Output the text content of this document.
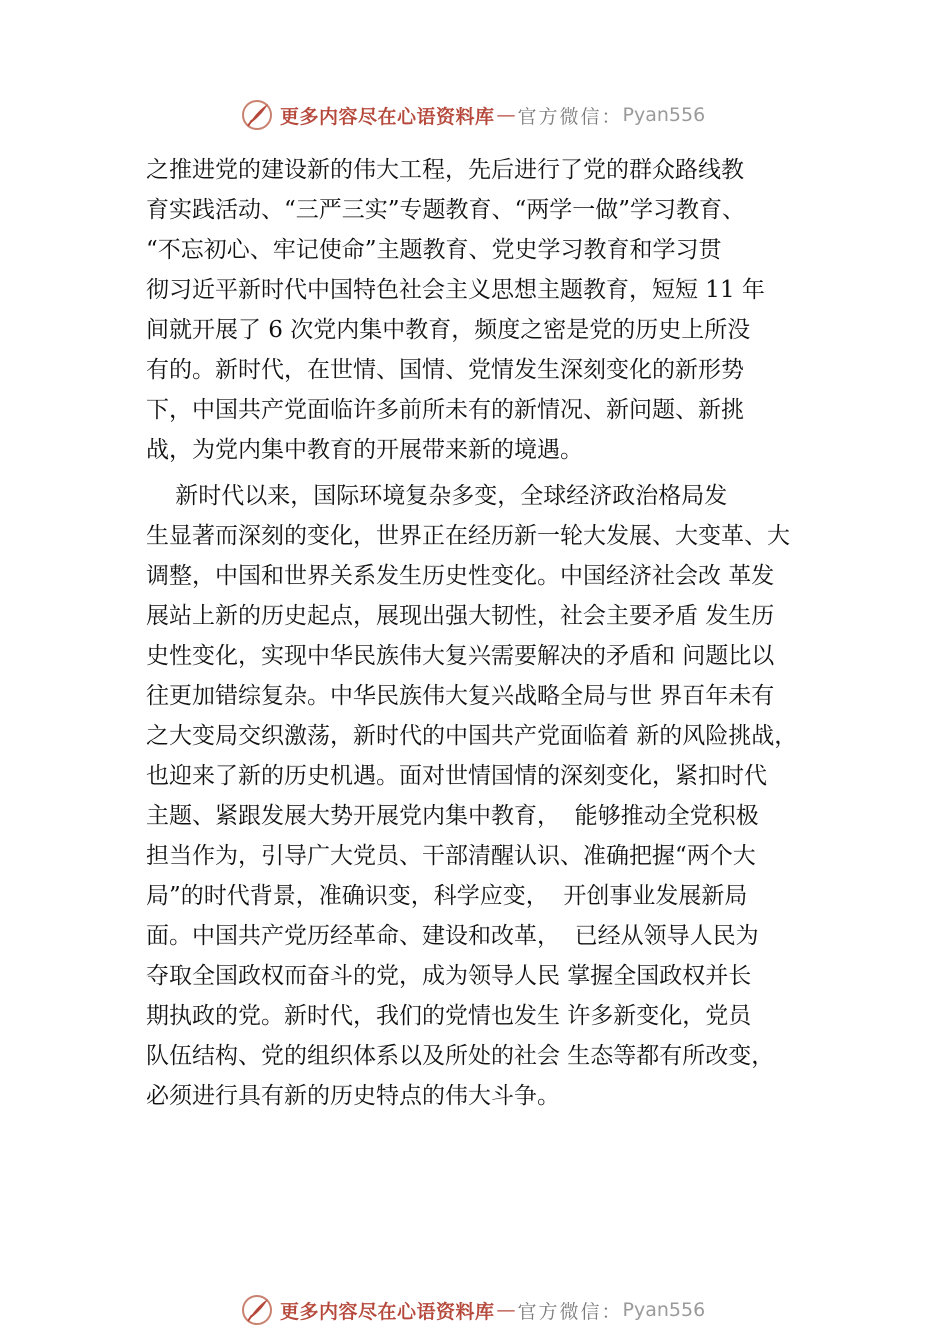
更多内容尽在心语资料库 — 官方微信： Pyan556
之推进党的建设新的伟大工程，先后进行了党的群众路线教
育实践活动、“三严三实”专题教育、“两学一做”学习教育、
“不忘初心、牢记使命”主题教育、党史学习教育和学习贯
彻习近平新时代中国特色社会主义思想主题教育，短短 11 年
间就开展了 6 次党内集中教育，频度之密是党的历史上所没
有的。新时代，在世情、国情、党情发生深刻变化的新形势
下，中国共产党面临许多前所未有的新情况、新问题、新挑
战，为党内集中教育的开展带来新的境遇。
新时代以来，国际环境复杂多变，全球经济政治格局发
生显著而深刻的变化，世界正在经历新一轮大发展、大变革、大
调整，中国和世界关系发生历史性变化。中国经济社会改 革发
展站上新的历史起点，展现出强大韧性，社会主要矛盾 发生历
史性变化，实现中华民族伟大复兴需要解决的矛盾和 问题比以
往更加错综复杂。中华民族伟大复兴战略全局与世 界百年未有
之大变局交织激荡，新时代的中国共产党面临着 新的风险挑战，
也迎来了新的历史机遇。面对世情国情的深刻变化，紧扣时代
主题、紧跟发展大势开展党内集中教育，  能够推动全党积极
担当作为，引导广大党员、干部清醒认识、准确把握“两个大
局”的时代背景，准确识变，科学应变，  开创事业发展新局
面。中国共产党历经革命、建设和改革，  已经从领导人民为
夺取全国政权而奋斗的党，成为领导人民 掌握全国政权并长
期执政的党。新时代，我们的党情也发生 许多新变化，党员
队伍结构、党的组织体系以及所处的社会 生态等都有所改变，
必须进行具有新的历史特点的伟大斗争。
更多内容尽在心语资料库 — 官方微信： Pyan556
